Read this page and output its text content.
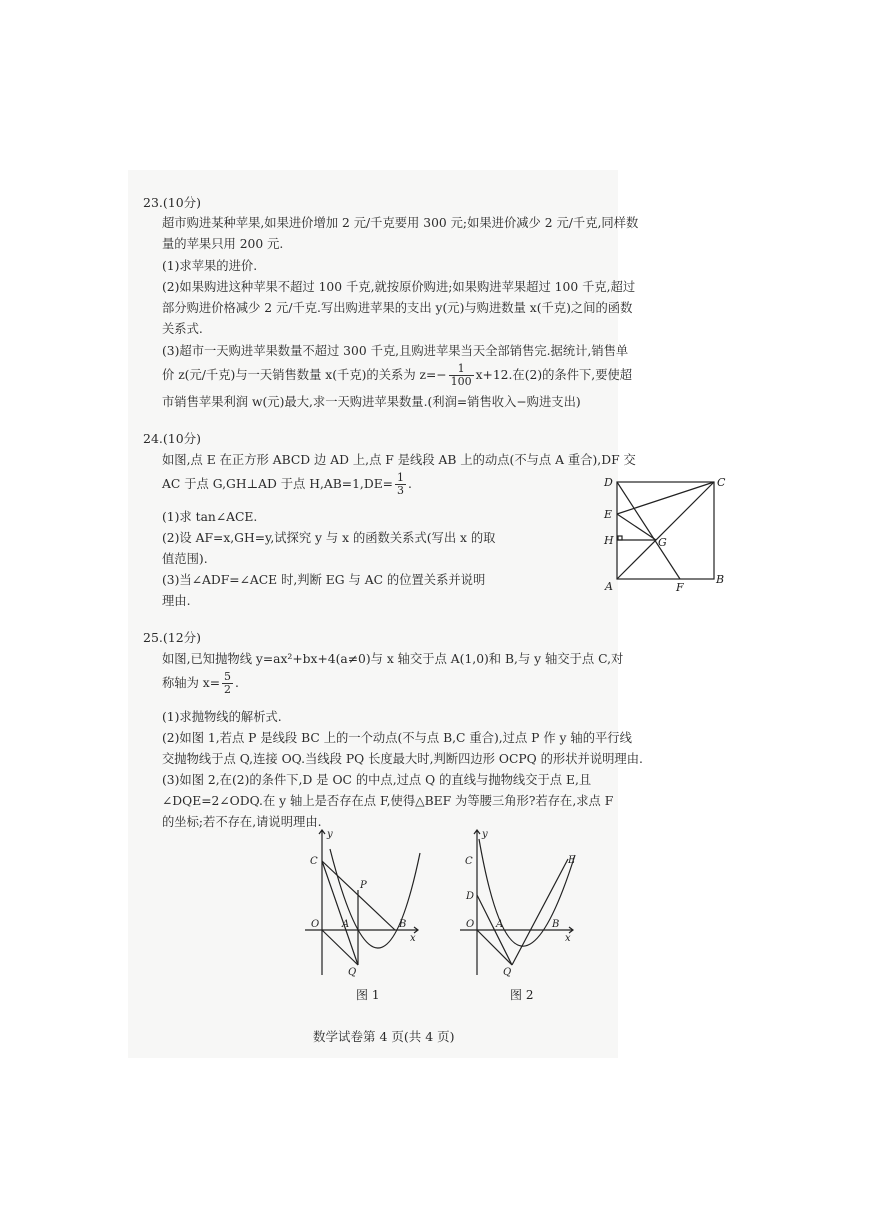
23.(10分)
超市购进某种苹果,如果进价增加 2 元/千克要用 300 元;如果进价减少 2 元/千克,同样数
量的苹果只用 200 元.
(1)求苹果的进价.
(2)如果购进这种苹果不超过 100 千克,就按原价购进;如果购进苹果超过 100 千克,超过
部分购进价格减少 2 元/千克.写出购进苹果的支出 y(元)与购进数量 x(千克)之间的函数
关系式.
(3)超市一天购进苹果数量不超过 300 千克,且购进苹果当天全部销售完.据统计,销售单
价 z(元/千克)与一天销售数量 x(千克)的关系为 $z=- \frac{1}{100} x+12$.在(2)的条件下,要使超
市销售苹果利润 w(元)最大,求一天购进苹果数量.(利润=销售收入−购进支出)
24.(10分)
如图,点 E 在正方形 ABCD 边 AD 上,点 F 是线段 AB 上的动点(不与点 A 重合),DF 交
AC 于点 G,GH⊥AD 于点 $H,AB=1,DE= \frac{1}{3}$ .
(1)求 tan∠ACE.
(2)设 AF=x,GH=y,试探究 y 与 x 的函数关系式(写出 x 的取
值范围).
(3)当∠ADF=∠ACE 时,判断 EG 与 AC 的位置关系并说明
理由.
D	C
E
H	G
A	F
B
25.(12分)
如图,已知抛物线 y=ax²+bx+4(a≠0)与 x 轴交于点 A(1,0)和 B,与 y 轴交于点 C,对
称轴为 $x= \frac{5}{2}$ .
(1)求抛物线的解析式.
(2)如图 1,若点 P 是线段 BC 上的一个动点(不与点 B,C 重合),过点 P 作 y 轴的平行线
交抛物线于点 Q,连接 OQ.当线段 PQ 长度最大时,判断四边形 OCPQ 的形状并说明理由.
(3)如图 2,在(2)的条件下,D 是 OC 的中点,过点 Q 的直线与抛物线交于点 E,且
∠DQE=2∠ODQ.在 y 轴上是否存在点 F,使得△BEF 为等腰三角形?若存在,求点 F
的坐标;若不存在,请说明理由.
y
C
P
O A	B
x
Q
图 1
y
C	E
D
O A	B
x
Q
图 2
数学试卷第 4 页(共 4 页)
